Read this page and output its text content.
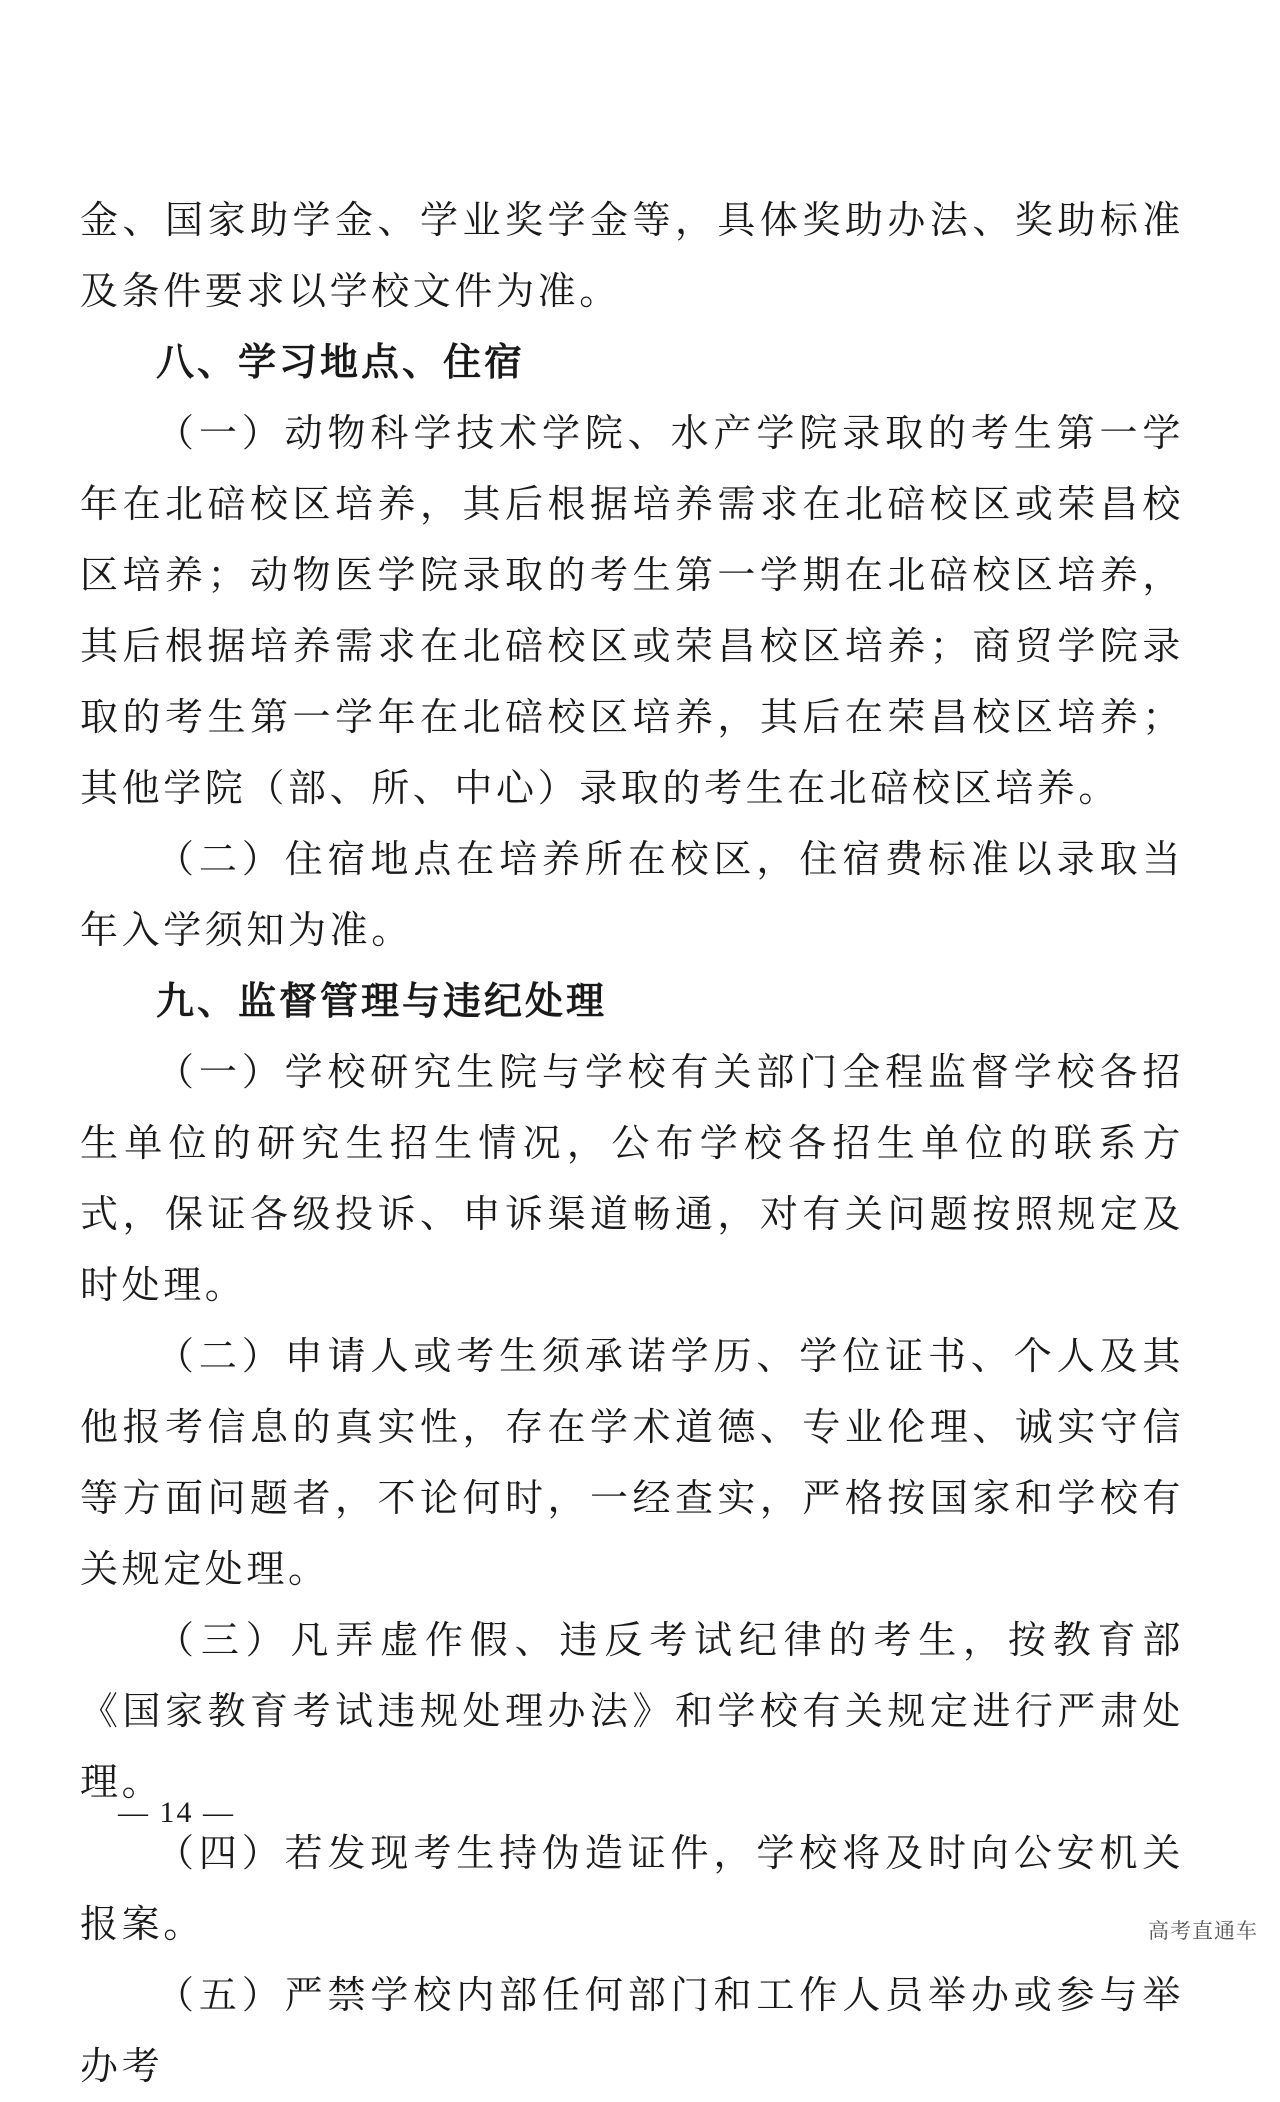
金、国家助学金、学业奖学金等，具体奖助办法、奖助标准及条件要求以学校文件为准。

八、学习地点、住宿

（一）动物科学技术学院、水产学院录取的考生第一学年在北碚校区培养，其后根据培养需求在北碚校区或荣昌校区培养；动物医学院录取的考生第一学期在北碚校区培养，其后根据培养需求在北碚校区或荣昌校区培养；商贸学院录取的考生第一学年在北碚校区培养，其后在荣昌校区培养；其他学院（部、所、中心）录取的考生在北碚校区培养。

（二）住宿地点在培养所在校区，住宿费标准以录取当年入学须知为准。

九、监督管理与违纪处理

（一）学校研究生院与学校有关部门全程监督学校各招生单位的研究生招生情况，公布学校各招生单位的联系方式，保证各级投诉、申诉渠道畅通，对有关问题按照规定及时处理。

（二）申请人或考生须承诺学历、学位证书、个人及其他报考信息的真实性，存在学术道德、专业伦理、诚实守信等方面问题者，不论何时，一经查实，严格按国家和学校有关规定处理。

（三）凡弄虚作假、违反考试纪律的考生，按教育部《国家教育考试违规处理办法》和学校有关规定进行严肃处理。

（四）若发现考生持伪造证件，学校将及时向公安机关报案。

（五）严禁学校内部任何部门和工作人员举办或参与举办考

— 14 —
高考直通车
